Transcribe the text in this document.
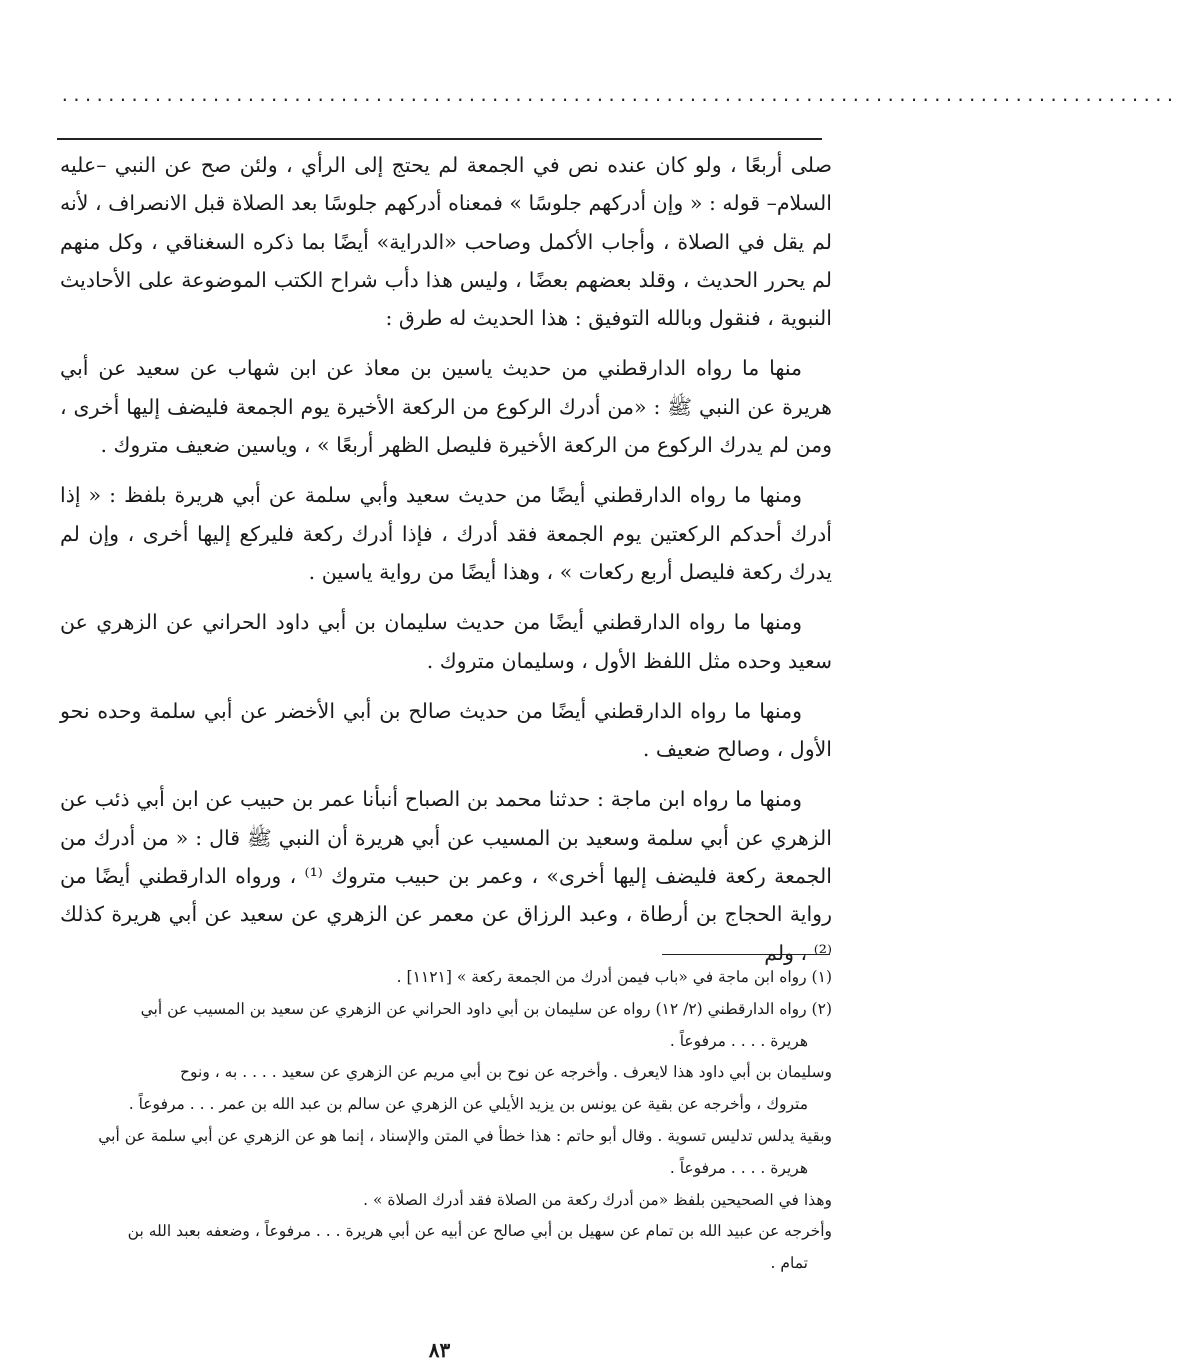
................................................................................................

صلى أربعًا ، ولو كان عنده نص في الجمعة لم يحتج إلى الرأي ، ولئن صح عن النبي –عليه السلام– قوله : « وإن أدركهم جلوسًا » فمعناه أدركهم جلوسًا بعد الصلاة قبل الانصراف ، لأنه لم يقل في الصلاة ، وأجاب الأكمل وصاحب «الدراية» أيضًا بما ذكره السغناقي ، وكل منهم لم يحرر الحديث ، وقلد بعضهم بعضًا ، وليس هذا دأب شراح الكتب الموضوعة على الأحاديث النبوية ، فنقول وبالله التوفيق : هذا الحديث له طرق :

منها ما رواه الدارقطني من حديث ياسين بن معاذ عن ابن شهاب عن سعيد عن أبي هريرة عن النبي ﷺ : «من أدرك الركوع من الركعة الأخيرة يوم الجمعة فليضف إليها أخرى ، ومن لم يدرك الركوع من الركعة الأخيرة فليصل الظهر أربعًا » ، وياسين ضعيف متروك .

ومنها ما رواه الدارقطني أيضًا من حديث سعيد وأبي سلمة عن أبي هريرة بلفظ : « إذا أدرك أحدكم الركعتين يوم الجمعة فقد أدرك ، فإذا أدرك ركعة فليركع إليها أخرى ، وإن لم يدرك ركعة فليصل أربع ركعات » ، وهذا أيضًا من رواية ياسين .

ومنها ما رواه الدارقطني أيضًا من حديث سليمان بن أبي داود الحراني عن الزهري عن سعيد وحده مثل اللفظ الأول ، وسليمان متروك .

ومنها ما رواه الدارقطني أيضًا من حديث صالح بن أبي الأخضر عن أبي سلمة وحده نحو الأول ، وصالح ضعيف .

ومنها ما رواه ابن ماجة : حدثنا محمد بن الصباح أنبأنا عمر بن حبيب عن ابن أبي ذئب عن الزهري عن أبي سلمة وسعيد بن المسيب عن أبي هريرة أن النبي ﷺ قال : « من أدرك من الجمعة ركعة فليضف إليها أخرى» ، وعمر بن حبيب متروك ⁽¹⁾ ، ورواه الدارقطني أيضًا من رواية الحجاج بن أرطاة ، وعبد الرزاق عن معمر عن الزهري عن سعيد عن أبي هريرة كذلك ⁽²⁾ ، ولم

(١) رواه ابن ماجة في «باب فيمن أدرك من الجمعة ركعة » [١١٢١] .

(٢) رواه الدارقطني (٢/ ١٢) رواه عن سليمان بن أبي داود الحراني عن الزهري عن سعيد بن المسيب عن أبي

هريرة . . . . مرفوعاً .

وسليمان بن أبي داود هذا لايعرف . وأخرجه عن نوح بن أبي مريم عن الزهري عن سعيد . . . . به ، ونوح

متروك ، وأخرجه عن بقية عن يونس بن يزيد الأيلي عن الزهري عن سالم بن عبد الله بن عمر . . . مرفوعاً .

وبقية يدلس تدليس تسوية . وقال أبو حاتم : هذا خطأ في المتن والإسناد ، إنما هو عن الزهري عن أبي سلمة عن أبي

هريرة . . . . مرفوعاً .

وهذا في الصحيحين بلفظ «من أدرك ركعة من الصلاة فقد أدرك الصلاة » .

وأخرجه عن عبيد الله بن تمام عن سهيل بن أبي صالح عن أبيه عن أبي هريرة . . . مرفوعاً ، وضعفه بعبد الله بن

تمام .

٨٣
